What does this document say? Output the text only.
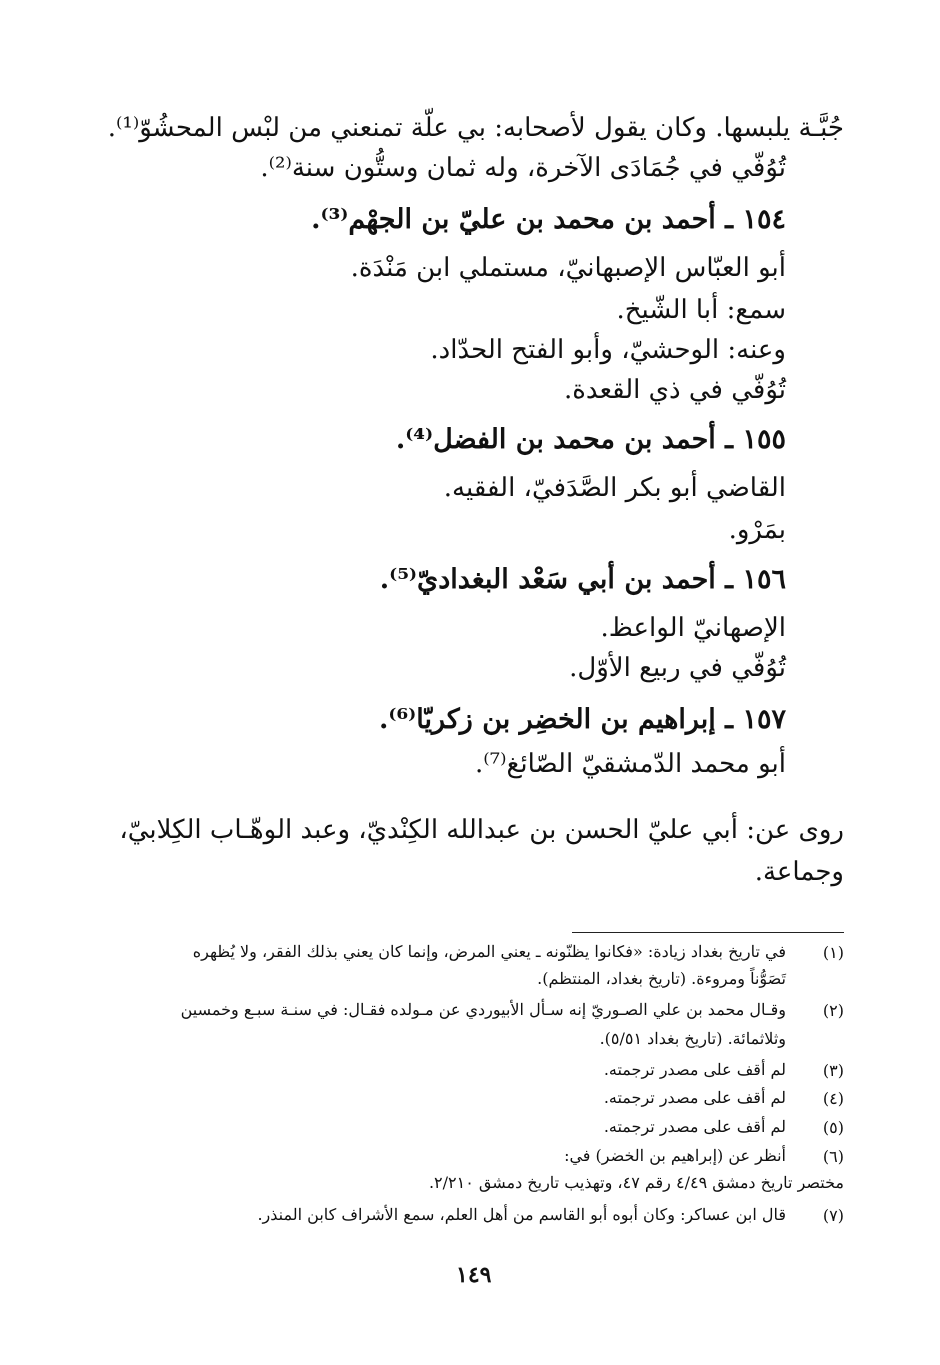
جُبَّـة يلبسها. وكان يقول لأصحابه: بي علّة تمنعني من لبْس المحشُوّ⁽¹⁾.
تُوُفّي في جُمَادَى الآخرة، وله ثمان وستُّون سنة⁽²⁾.
١٥٤ ـ أحمد بن محمد بن عليّ بن الجهْم⁽³⁾.
أبو العبّاس الإصبهانيّ، مستملي ابن مَنْدَة.
سمع: أبا الشّيخ.
وعنه: الوحشيّ، وأبو الفتح الحدّاد.
تُوُفّي في ذي القعدة.
١٥٥ ـ أحمد بن محمد بن الفضل⁽⁴⁾.
القاضي أبو بكر الصَّدَفيّ، الفقيه.
بمَرْو.
١٥٦ ـ أحمد بن أبي سَعْد البغداديّ⁽⁵⁾.
الإصهانيّ الواعظ.
تُوُفّي في ربيع الأوّل.
١٥٧ ـ إبراهيم بن الخضِر بن زكريّا⁽⁶⁾.
أبو محمد الدّمشقيّ الصّائغ⁽⁷⁾.
روى عن: أبي عليّ الحسن بن عبدالله الكِنْديّ، وعبد الوهّـاب الكِلابيّ،
وجماعة.
(١)
في تاريخ بغداد زيادة: «فكانوا يظنّونه ـ يعني المرض، وإنما كان يعني بذلك الفقر، ولا يُظهره
تَصَوُّناً ومروءة. (تاريخ بغداد، المنتظم).
(٢)
وقـال محمد بن علي الصـوريّ إنه سـأل الأبيوردي عن مـولده فقـال: في سنـة سبـع وخمسين
وثلاثمائة. (تاريخ بغداد ٥/٥١).
(٣)
لم أقف على مصدر ترجمته.
(٤)
لم أقف على مصدر ترجمته.
(٥)
لم أقف على مصدر ترجمته.
(٦)
أنظر عن (إبراهيم بن الخضر) في:
مختصر تاريخ دمشق ٤/٤٩ رقم ٤٧، وتهذيب تاريخ دمشق ٢/٢١٠.
(٧)
قال ابن عساكر: وكان أبوه أبو القاسم من أهل العلم، سمع الأشراف كابن المنذر.
١٤٩
